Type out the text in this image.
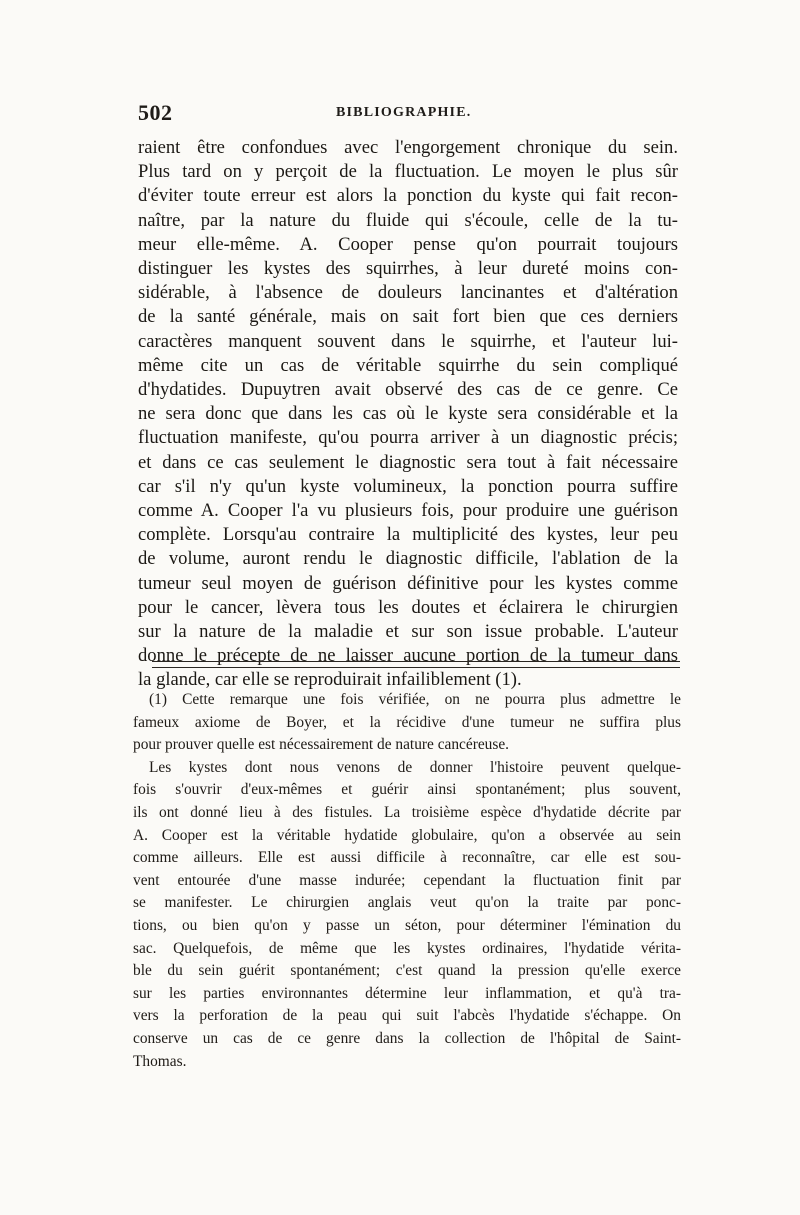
502	BIBLIOGRAPHIE.
raient être confondues avec l'engorgement chronique du sein.
Plus tard on y perçoit de la fluctuation. Le moyen le plus sûr
d'éviter toute erreur est alors la ponction du kyste qui fait recon-
naître, par la nature du fluide qui s'écoule, celle de la tu-
meur elle-même. A. Cooper pense qu'on pourrait toujours
distinguer les kystes des squirrhes, à leur dureté moins con-
sidérable, à l'absence de douleurs lancinantes et d'altération
de la santé générale, mais on sait fort bien que ces derniers
caractères manquent souvent dans le squirrhe, et l'auteur lui-
même cite un cas de véritable squirrhe du sein compliqué
d'hydatides. Dupuytren avait observé des cas de ce genre. Ce
ne sera donc que dans les cas où le kyste sera considérable et la
fluctuation manifeste, qu'ou pourra arriver à un diagnostic précis;
et dans ce cas seulement le diagnostic sera tout à fait nécessaire
car s'il n'y qu'un kyste volumineux, la ponction pourra suffire
comme A. Cooper l'a vu plusieurs fois, pour produire une guérison
complète. Lorsqu'au contraire la multiplicité des kystes, leur peu
de volume, auront rendu le diagnostic difficile, l'ablation de la
tumeur seul moyen de guérison définitive pour les kystes comme
pour le cancer, lèvera tous les doutes et éclairera le chirurgien
sur la nature de la maladie et sur son issue probable. L'auteur
donne le précepte de ne laisser aucune portion de la tumeur dans
la glande, car elle se reproduirait infailiblement (1).
(1) Cette remarque une fois vérifiée, on ne pourra plus admettre le
fameux axiome de Boyer, et la récidive d'une tumeur ne suffira plus
pour prouver quelle est nécessairement de nature cancéreuse.
Les kystes dont nous venons de donner l'histoire peuvent quelque-
fois s'ouvrir d'eux-mêmes et guérir ainsi spontanément; plus souvent,
ils ont donné lieu à des fistules. La troisième espèce d'hydatide décrite par
A. Cooper est la véritable hydatide globulaire, qu'on a observée au sein
comme ailleurs. Elle est aussi difficile à reconnaître, car elle est sou-
vent entourée d'une masse indurée; cependant la fluctuation finit par
se manifester. Le chirurgien anglais veut qu'on la traite par ponc-
tions, ou bien qu'on y passe un séton, pour déterminer l'émination du
sac. Quelquefois, de même que les kystes ordinaires, l'hydatide vérita-
ble du sein guérit spontanément; c'est quand la pression qu'elle exerce
sur les parties environnantes détermine leur inflammation, et qu'à tra-
vers la perforation de la peau qui suit l'abcès l'hydatide s'échappe. On
conserve un cas de ce genre dans la collection de l'hôpital de Saint-
Thomas.
